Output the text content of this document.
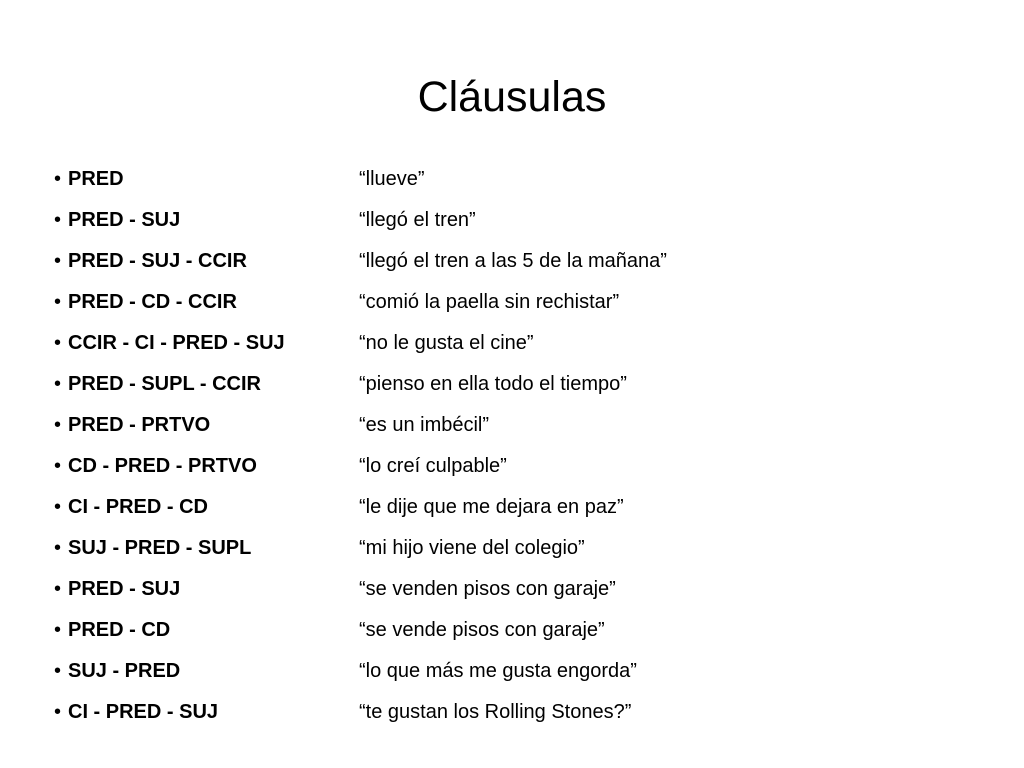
Cláusulas
• PRED	“llueve”
• PRED - SUJ	“llegó el tren”
• PRED - SUJ - CCIR	“llegó el tren a las 5 de la mañana”
• PRED - CD - CCIR	“comió la paella sin rechistar”
• CCIR - CI - PRED - SUJ	“no le gusta el cine”
• PRED - SUPL - CCIR	“pienso en ella todo el tiempo”
• PRED - PRTVO	“es un imbécil”
• CD - PRED - PRTVO	“lo creí culpable”
• CI - PRED - CD	“le dije que me dejara en paz”
• SUJ - PRED - SUPL	“mi hijo viene del colegio”
• PRED - SUJ	“se venden pisos con garaje”
• PRED - CD	“se vende pisos con garaje”
• SUJ - PRED	“lo que más me gusta engorda”
• CI - PRED - SUJ	“te gustan los Rolling Stones?”
